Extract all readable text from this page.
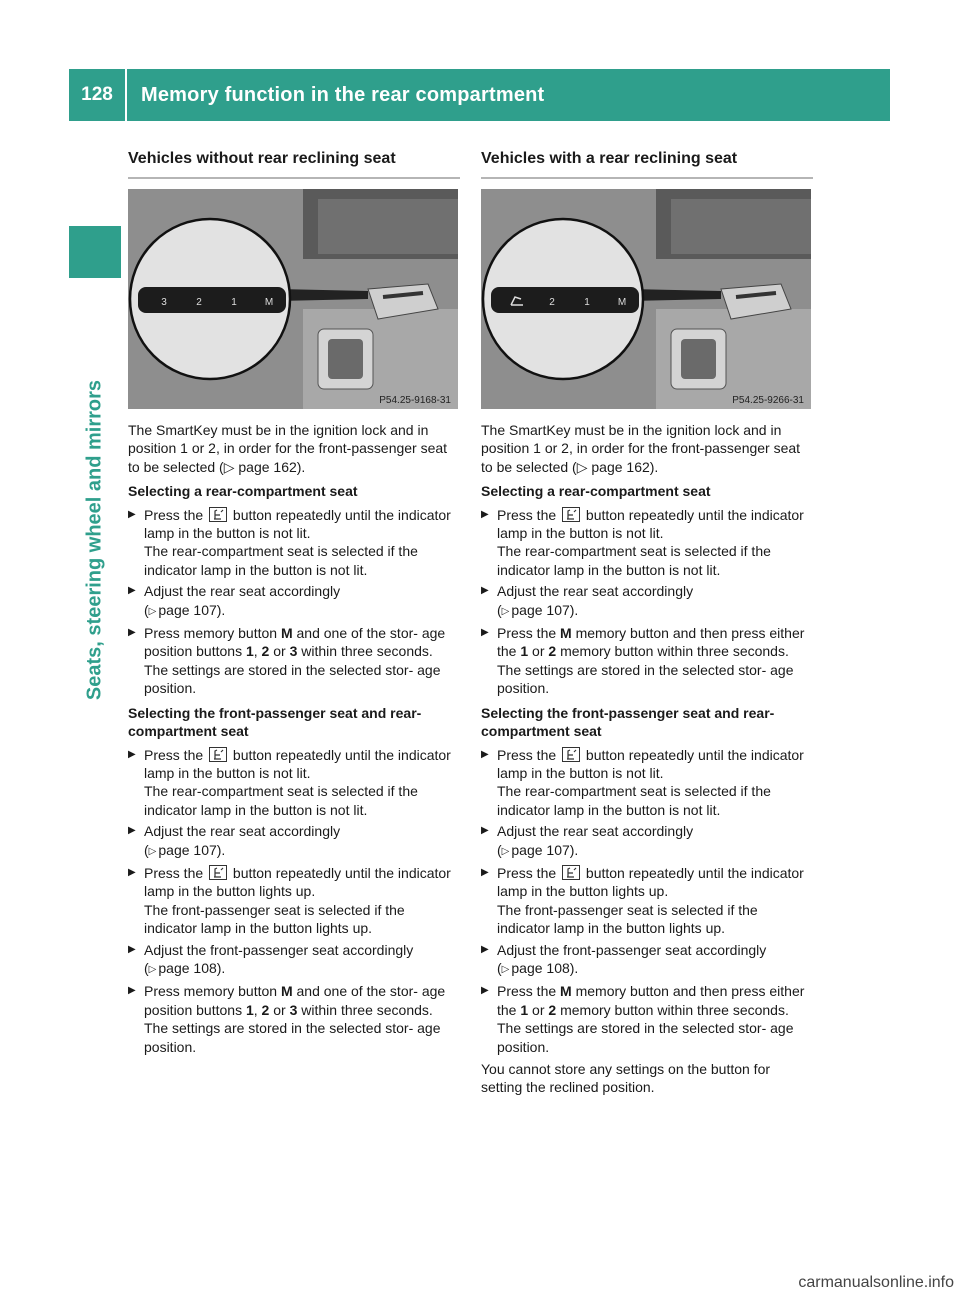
128	Memory function in the rear compartment
Seats, steering wheel and mirrors
Vehicles without rear reclining seat
3	2	1	M
P54.25-9168-31

The SmartKey must be in the ignition lock and in position 1 or 2, in order for the front-passenger seat to be selected (▷ page 162).

Selecting a rear-compartment seat
▶ Press the button repeatedly until the indicator lamp in the button is not lit.
The rear-compartment seat is selected if the indicator lamp in the button is not lit.
▶ Adjust the rear seat accordingly
(▷ page 107).
▶ Press memory button M and one of the stor- age position buttons 1, 2 or 3 within three seconds.
The settings are stored in the selected stor- age position.
Selecting the front-passenger seat and rear- compartment seat
▶ Press the button repeatedly until the indicator lamp in the button is not lit.
The rear-compartment seat is selected if the indicator lamp in the button is not lit.
▶ Adjust the rear seat accordingly
(▷ page 107).
▶ Press the button repeatedly until the indicator lamp in the button lights up.
The front-passenger seat is selected if the indicator lamp in the button lights up.
▶ Adjust the front-passenger seat accordingly
(▷ page 108).
▶ Press memory button M and one of the stor- age position buttons 1, 2 or 3 within three seconds.
The settings are stored in the selected stor- age position.
Vehicles with a rear reclining seat
2	1	M
P54.25-9266-31

The SmartKey must be in the ignition lock and in position 1 or 2, in order for the front-passenger seat to be selected (▷ page 162).

Selecting a rear-compartment seat
▶ Press the button repeatedly until the indicator lamp in the button is not lit.
The rear-compartment seat is selected if the indicator lamp in the button is not lit.
▶ Adjust the rear seat accordingly
(▷ page 107).
▶ Press the M memory button and then press either the 1 or 2 memory button within three seconds.
The settings are stored in the selected stor- age position.
Selecting the front-passenger seat and rear- compartment seat
▶ Press the button repeatedly until the indicator lamp in the button is not lit.
The rear-compartment seat is selected if the indicator lamp in the button is not lit.
▶ Adjust the rear seat accordingly
(▷ page 107).
▶ Press the button repeatedly until the indicator lamp in the button lights up.
The front-passenger seat is selected if the indicator lamp in the button lights up.
▶ Adjust the front-passenger seat accordingly
(▷ page 108).
▶ Press the M memory button and then press either the 1 or 2 memory button within three seconds.
The settings are stored in the selected stor- age position.

You cannot store any settings on the button for setting the reclined position.

carmanualsonline.info
